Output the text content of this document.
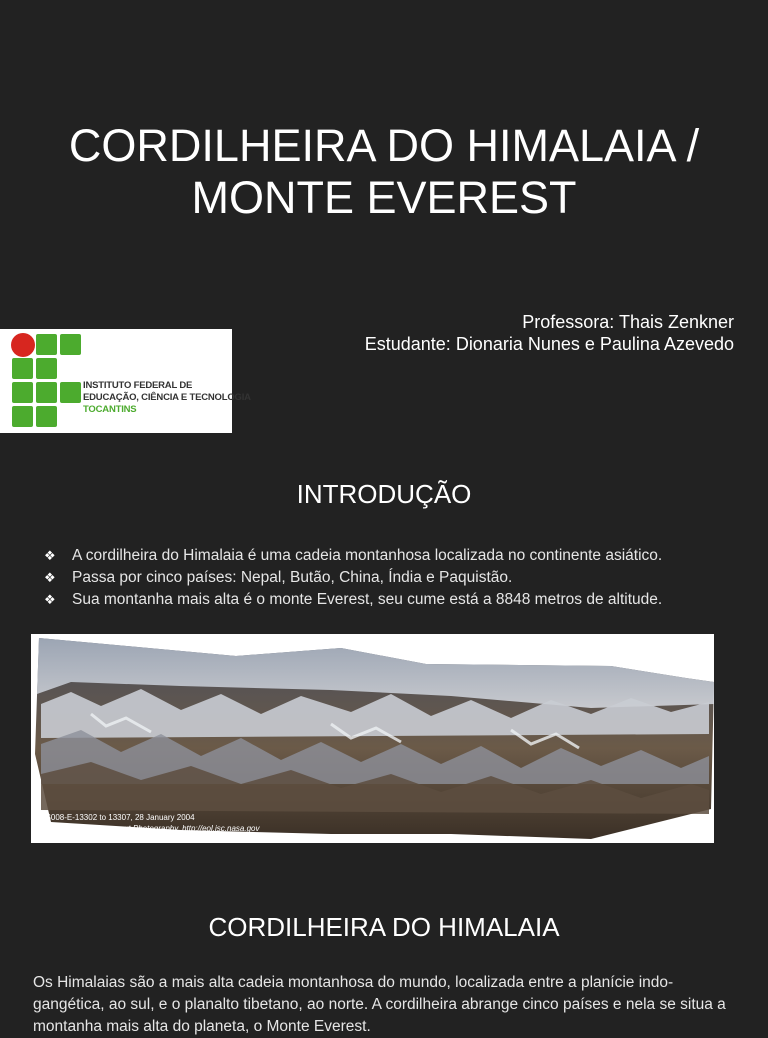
CORDILHEIRA DO HIMALAIA /
MONTE EVEREST
Professora: Thais Zenkner
Estudante: Dionaria Nunes e Paulina Azevedo
INSTITUTO FEDERAL DE
EDUCAÇÃO, CIÊNCIA E TECNOLOGIA
TOCANTINS
INTRODUÇÃO
❖ A cordilheira do Himalaia é uma cadeia montanhosa localizada no continente asiático.
❖ Passa por cinco países: Nepal, Butão, China, Índia e Paquistão.
❖ Sua montanha mais alta é o monte Everest, seu cume está a 8848 metros de altitude.
ISS008-E-13302 to 13307, 28 January 2004
The Gateway to Astronaut Photography, http://eol.jsc.nasa.gov
CORDILHEIRA DO HIMALAIA

Os Himalaias são a mais alta cadeia montanhosa do mundo, localizada entre a planície indo-gangética, ao sul, e o planalto tibetano, ao norte. A cordilheira abrange cinco países e nela se situa a montanha mais alta do planeta, o Monte Everest.
